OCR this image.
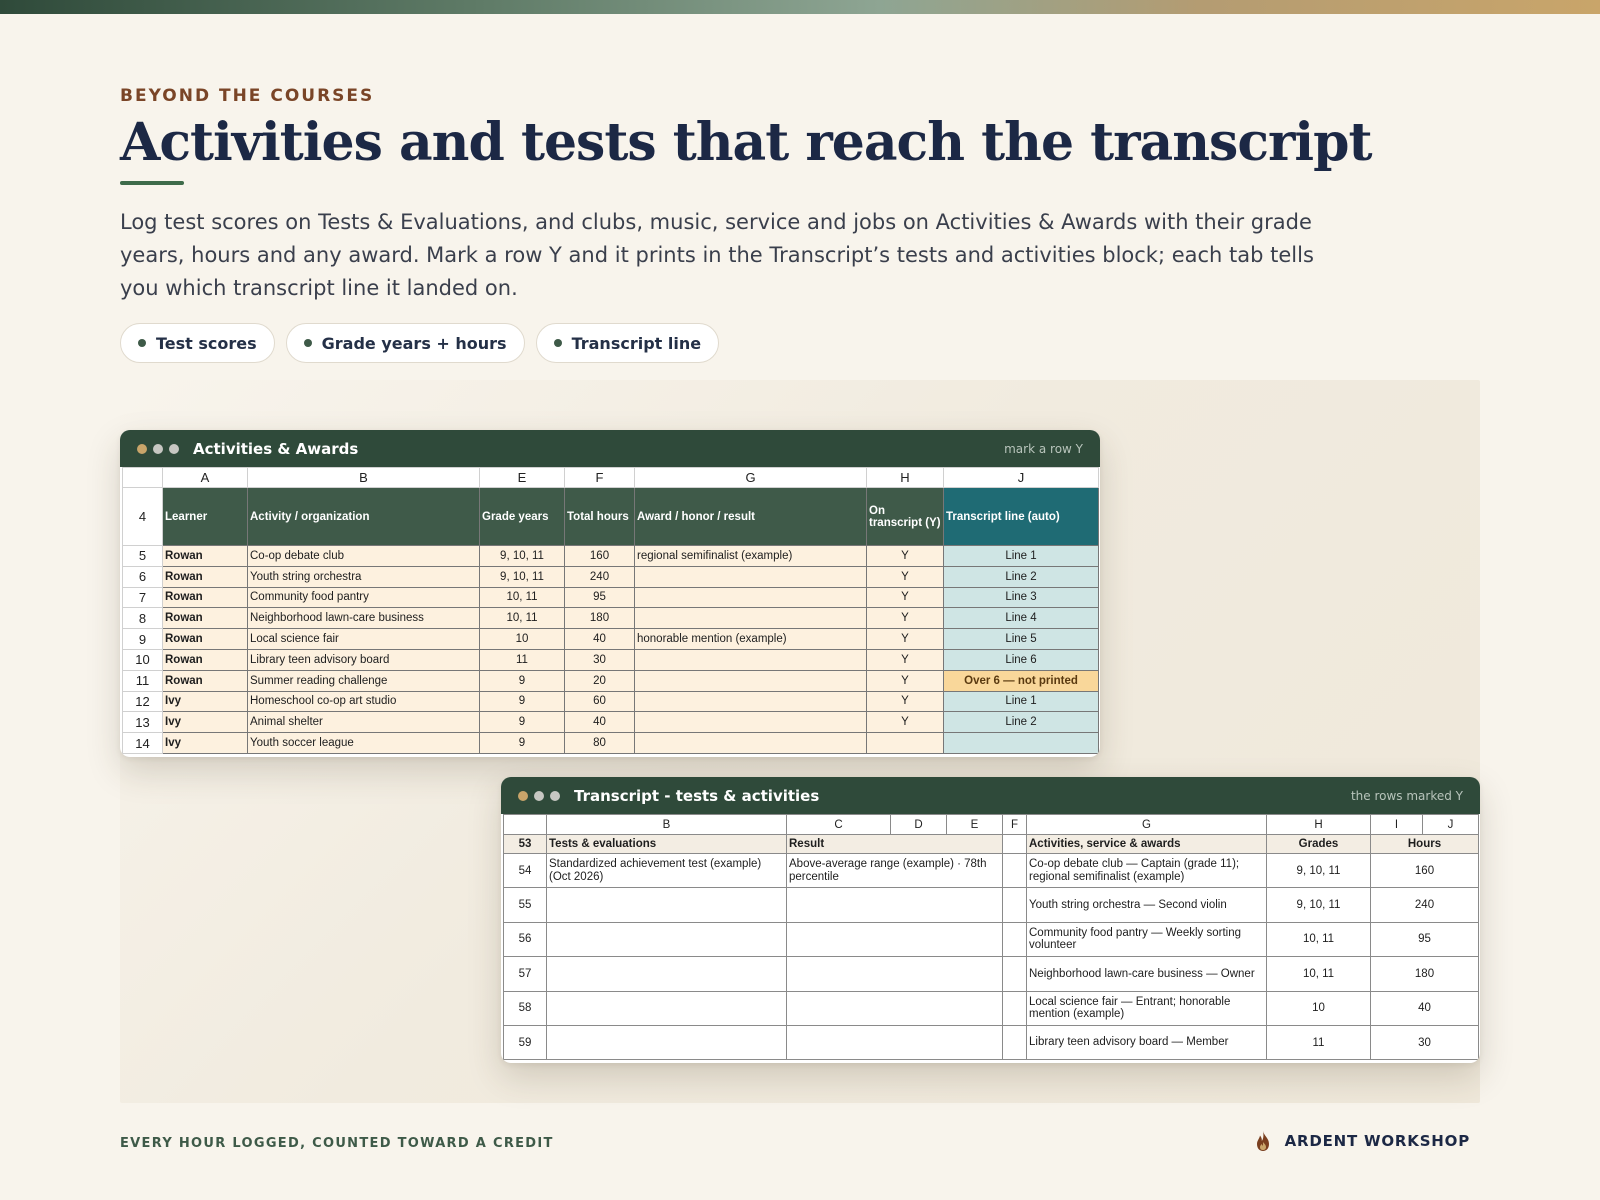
BEYOND THE COURSES
Activities and tests that reach the transcript
Log test scores on Tests & Evaluations, and clubs, music, service and jobs on Activities & Awards with their grade years, hours and any award. Mark a row Y and it prints in the Transcript’s tests and activities block; each tab tells you which transcript line it landed on.
Test scores	Grade years + hours	Transcript line
Activities & Awards	mark a row Y
	A	B	E	F	G	H	J
4	Learner	Activity / organization	Grade years	Total hours	Award / honor / result	On transcript (Y)	Transcript line (auto)
5	Rowan	Co-op debate club	9, 10, 11	160	regional semifinalist (example)	Y	Line 1
6	Rowan	Youth string orchestra	9, 10, 11	240		Y	Line 2
7	Rowan	Community food pantry	10, 11	95		Y	Line 3
8	Rowan	Neighborhood lawn-care business	10, 11	180		Y	Line 4
9	Rowan	Local science fair	10	40	honorable mention (example)	Y	Line 5
10	Rowan	Library teen advisory board	11	30		Y	Line 6
11	Rowan	Summer reading challenge	9	20		Y	Over 6 — not printed
12	Ivy	Homeschool co-op art studio	9	60		Y	Line 1
13	Ivy	Animal shelter	9	40		Y	Line 2
14	Ivy	Youth soccer league	9	80			
Transcript - tests & activities	the rows marked Y
	B	C	D	E	F	G	H	I	J
53	Tests & evaluations	Result				Activities, service & awards	Grades	Hours	
54	Standardized achievement test (example) (Oct 2026)	Above-average range (example) · 78th percentile				Co-op debate club — Captain (grade 11); regional semifinalist (example)	9, 10, 11	160	
55						Youth string orchestra — Second violin	9, 10, 11	240	
56						Community food pantry — Weekly sorting volunteer	10, 11	95	
57						Neighborhood lawn-care business — Owner	10, 11	180	
58						Local science fair — Entrant; honorable mention (example)	10	40	
59						Library teen advisory board — Member	11	30	
EVERY HOUR LOGGED, COUNTED TOWARD A CREDIT	ARDENT WORKSHOP
